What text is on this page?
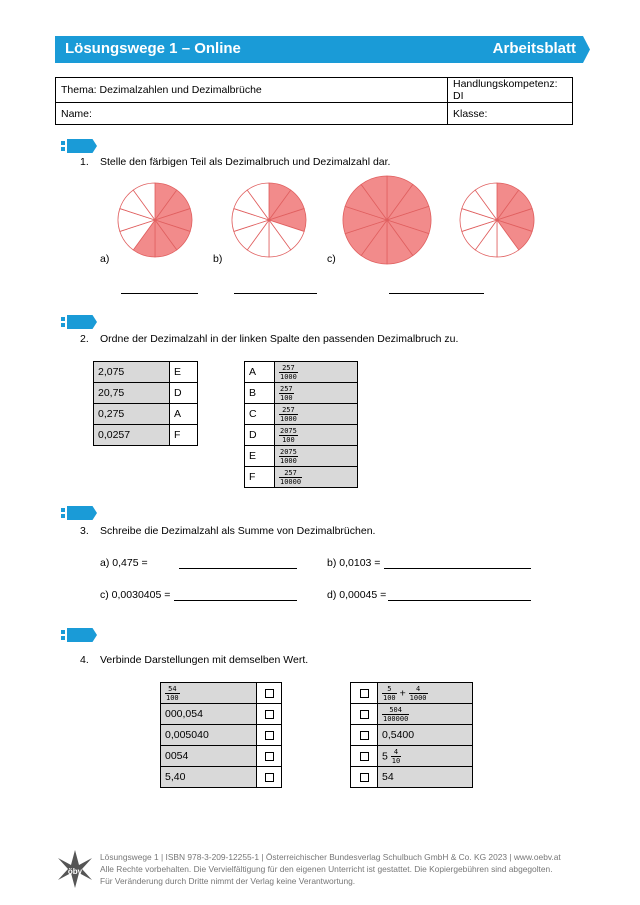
Lösungswege 1 – Online	Arbeitsblatt
Thema: Dezimalzahlen und Dezimalbrüche	Handlungskompetenz: DI
Name:	Klasse:
1. Stelle den färbigen Teil als Dezimalbruch und Dezimalzahl dar.
a)	b)	c)
2. Ordne der Dezimalzahl in der linken Spalte den passenden Dezimalbruch zu.
2,075	E
20,75	D
0,275	A
0,0257	F
A	$\frac{257}{1000}$

B	$\frac{257}{100}$

C	$\frac{257}{1000}$

D	$\frac{2075}{100}$

E	$\frac{2075}{1000}$

F	$\frac{257}{10000}$
3. Schreibe die Dezimalzahl als Summe von Dezimalbrüchen.
a) 0,475 =	b) 0,0103 =
c) 0,0030405 =	d) 0,00045 =
4. Verbinde Darstellungen mit demselben Wert.
$\frac{54}{100}$

000,054	
0,005040	
0054	
5,40	

	$\frac{5}{100} + \frac{4}{1000}$

	$\frac{504}{100000}$

	0,5400
	$5 \frac{4}{10}$

	54
öbv
Lösungswege 1 | ISBN 978-3-209-12255-1 | Österreichischer Bundesverlag Schulbuch GmbH & Co. KG 2023 | www.oebv.at
Alle Rechte vorbehalten. Die Vervielfältigung für den eigenen Unterricht ist gestattet. Die Kopiergebühren sind abgegolten.
Für Veränderung durch Dritte nimmt der Verlag keine Verantwortung.
